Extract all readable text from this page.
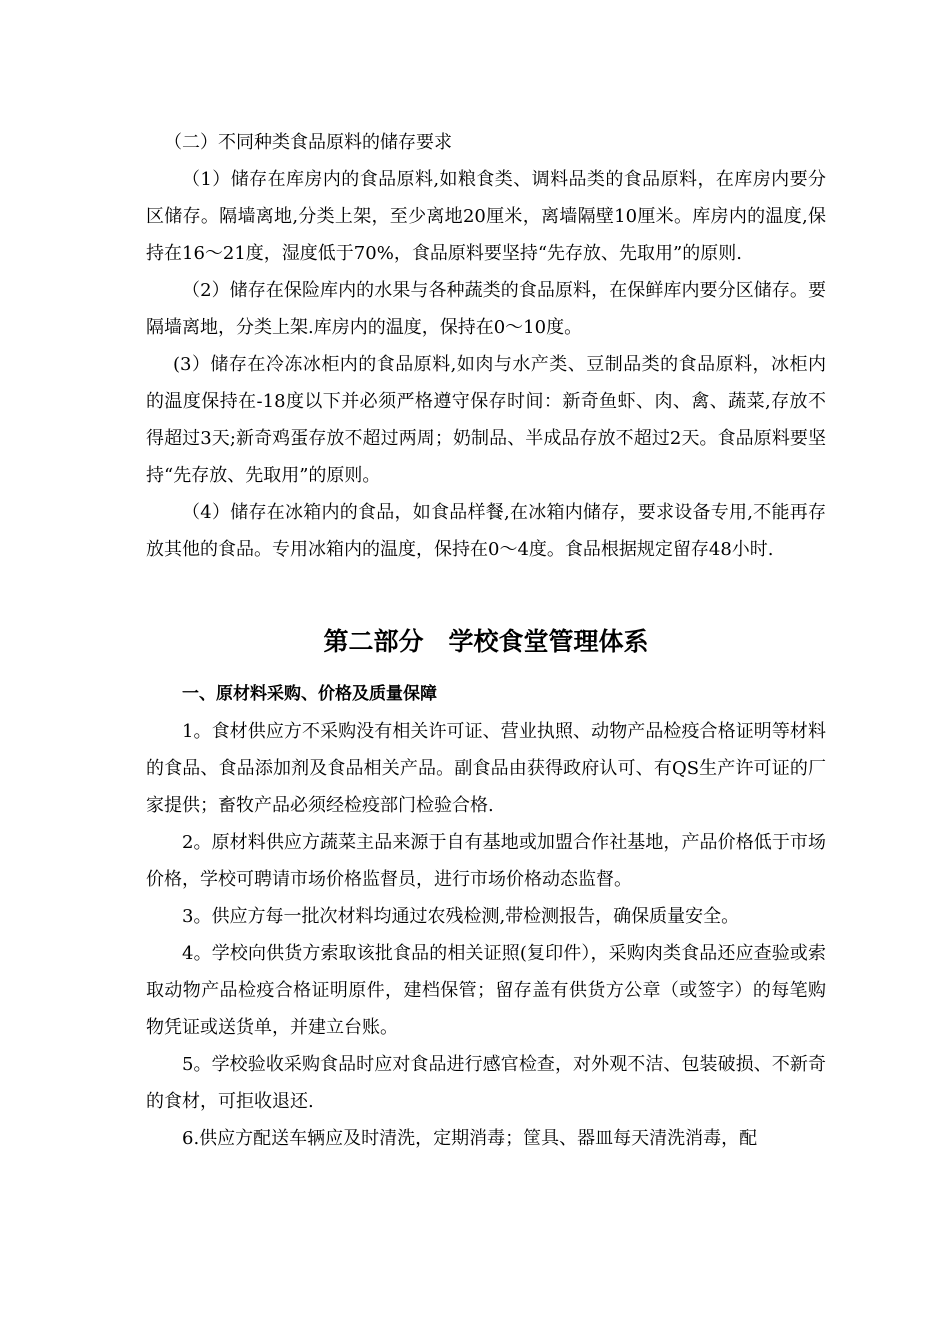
（二）不同种类食品原料的储存要求

（1）储存在库房内的食品原料,如粮食类、调料品类的食品原料，在库房内要分区储存。隔墙离地,分类上架，至少离地20厘米，离墙隔壁10厘米。库房内的温度,保持在16～21度，湿度低于70%，食品原料要坚持“先存放、先取用”的原则.

（2）储存在保险库内的水果与各种蔬类的食品原料，在保鲜库内要分区储存。要隔墙离地，分类上架.库房内的温度，保持在0～10度。

(3）储存在冷冻冰柜内的食品原料,如肉与水产类、豆制品类的食品原料，冰柜内的温度保持在-18度以下并必须严格遵守保存时间：新奇鱼虾、肉、禽、蔬菜,存放不得超过3天;新奇鸡蛋存放不超过两周；奶制品、半成品存放不超过2天。食品原料要坚持“先存放、先取用”的原则。

（4）储存在冰箱内的食品，如食品样餐,在冰箱内储存，要求设备专用,不能再存放其他的食品。专用冰箱内的温度，保持在0～4度。食品根据规定留存48小时.

第二部分　学校食堂管理体系
一、原材料采购、价格及质量保障

1。食材供应方不采购没有相关许可证、营业执照、动物产品检疫合格证明等材料的食品、食品添加剂及食品相关产品。副食品由获得政府认可、有QS生产许可证的厂家提供；畜牧产品必须经检疫部门检验合格.

2。原材料供应方蔬菜主品来源于自有基地或加盟合作社基地，产品价格低于市场价格，学校可聘请市场价格监督员，进行市场价格动态监督。

3。供应方每一批次材料均通过农残检测,带检测报告，确保质量安全。

4。学校向供货方索取该批食品的相关证照(复印件），采购肉类食品还应查验或索取动物产品检疫合格证明原件，建档保管；留存盖有供货方公章（或签字）的每笔购物凭证或送货单，并建立台账。

5。学校验收采购食品时应对食品进行感官检查，对外观不洁、包装破损、不新奇的食材，可拒收退还.

6.供应方配送车辆应及时清洗，定期消毒；筐具、器皿每天清洗消毒，配
